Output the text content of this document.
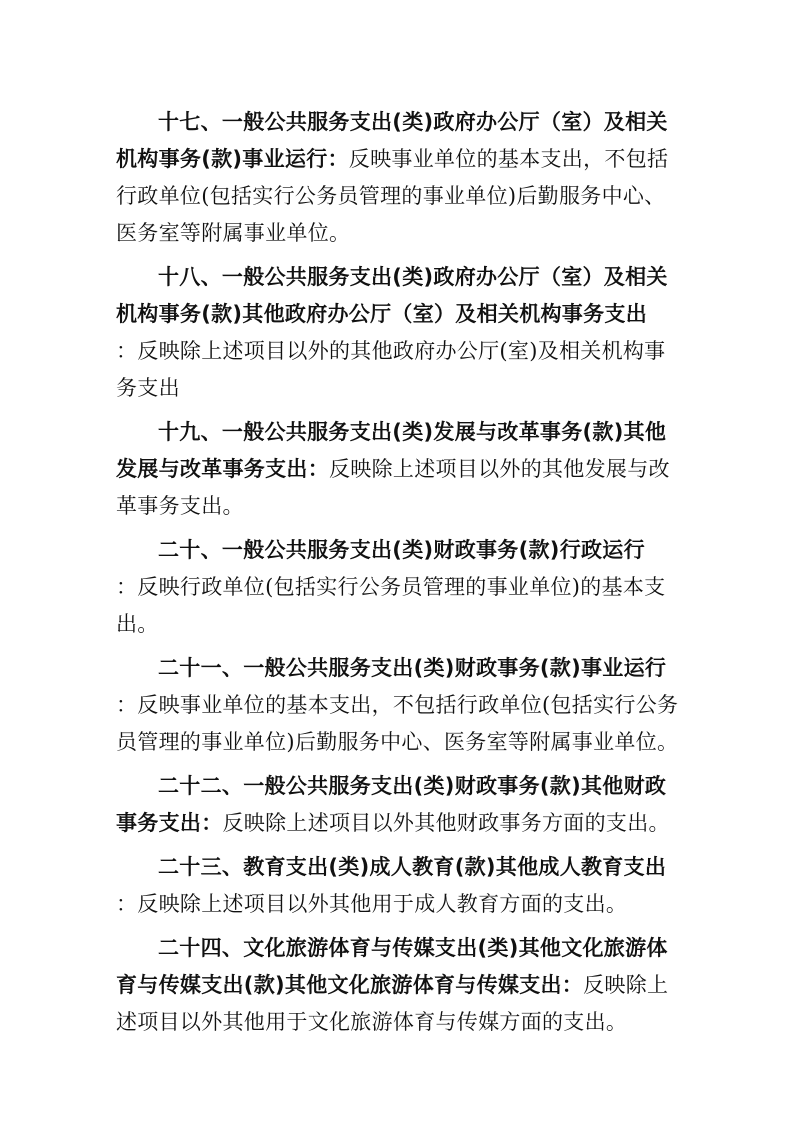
十七、一般公共服务支出(类)政府办公厅（室）及相关
机构事务(款)事业运行：反映事业单位的基本支出，不包括
行政单位(包括实行公务员管理的事业单位)后勤服务中心、
医务室等附属事业单位。
十八、一般公共服务支出(类)政府办公厅（室）及相关
机构事务(款)其他政府办公厅（室）及相关机构事务支出
：反映除上述项目以外的其他政府办公厅(室)及相关机构事
务支出
十九、一般公共服务支出(类)发展与改革事务(款)其他
发展与改革事务支出：反映除上述项目以外的其他发展与改
革事务支出。
二十、一般公共服务支出(类)财政事务(款)行政运行
：反映行政单位(包括实行公务员管理的事业单位)的基本支
出。
二十一、一般公共服务支出(类)财政事务(款)事业运行
：反映事业单位的基本支出，不包括行政单位(包括实行公务
员管理的事业单位)后勤服务中心、医务室等附属事业单位。
二十二、一般公共服务支出(类)财政事务(款)其他财政
事务支出：反映除上述项目以外其他财政事务方面的支出。
二十三、教育支出(类)成人教育(款)其他成人教育支出
：反映除上述项目以外其他用于成人教育方面的支出。
二十四、文化旅游体育与传媒支出(类)其他文化旅游体
育与传媒支出(款)其他文化旅游体育与传媒支出：反映除上
述项目以外其他用于文化旅游体育与传媒方面的支出。
